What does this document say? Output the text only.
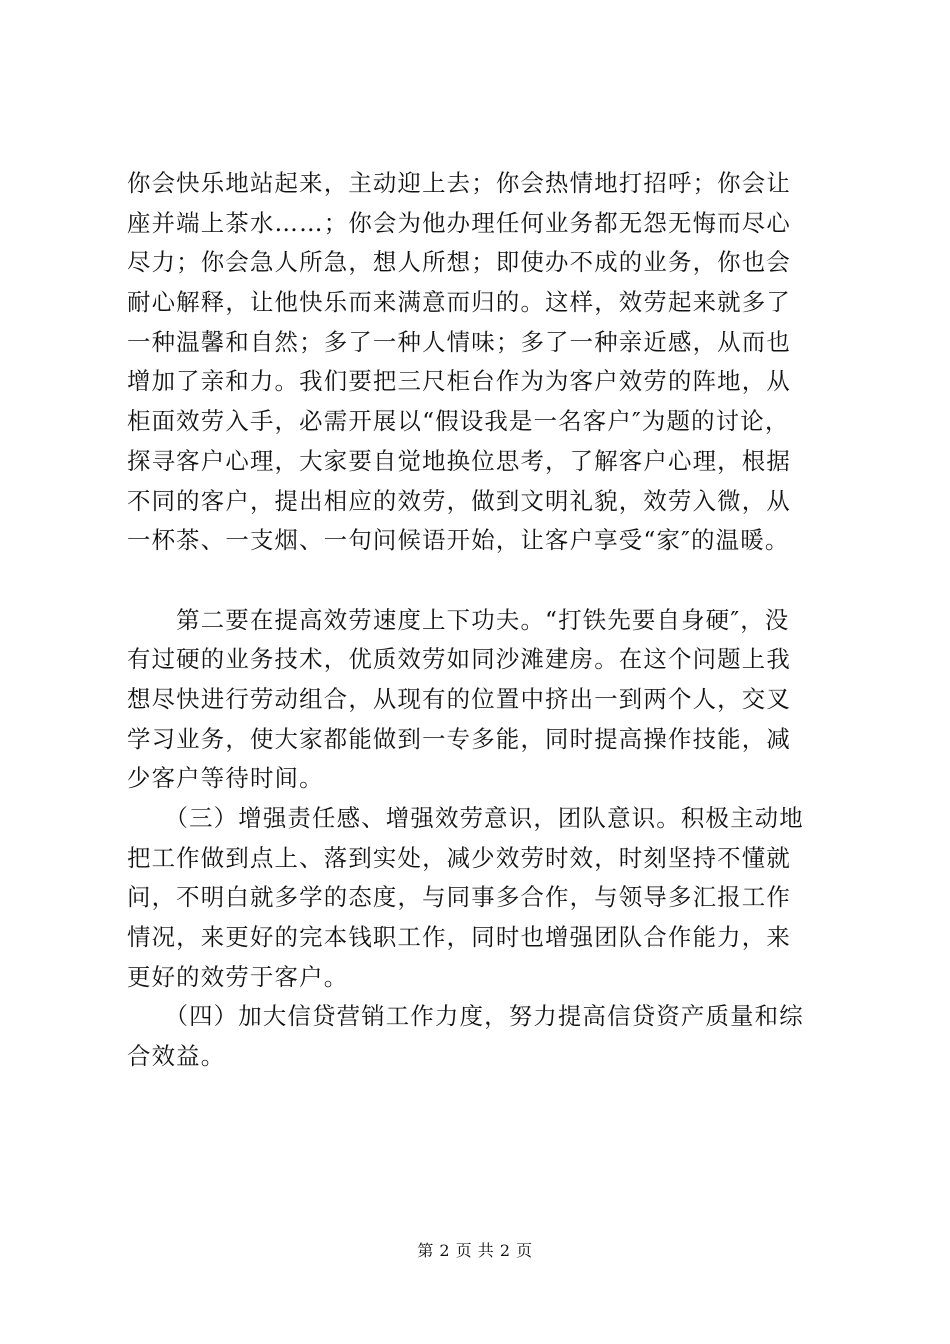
你会快乐地站起来，主动迎上去；你会热情地打招呼；你会让
座并端上茶水……；你会为他办理任何业务都无怨无悔而尽心
尽力；你会急人所急，想人所想；即使办不成的业务，你也会
耐心解释，让他快乐而来满意而归的。这样，效劳起来就多了
一种温馨和自然；多了一种人情味；多了一种亲近感，从而也
增加了亲和力。我们要把三尺柜台作为为客户效劳的阵地，从
柜面效劳入手，必需开展以“假设我是一名客户″为题的讨论，
探寻客户心理，大家要自觉地换位思考，了解客户心理，根据
不同的客户，提出相应的效劳，做到文明礼貌，效劳入微，从
一杯茶、一支烟、一句问候语开始，让客户享受“家″的温暖。
　　第二要在提高效劳速度上下功夫。“打铁先要自身硬″，没
有过硬的业务技术，优质效劳如同沙滩建房。在这个问题上我
想尽快进行劳动组合，从现有的位置中挤出一到两个人，交叉
学习业务，使大家都能做到一专多能，同时提高操作技能，减
少客户等待时间。
　　（三）增强责任感、增强效劳意识，团队意识。积极主动地
把工作做到点上、落到实处，减少效劳时效，时刻坚持不懂就
问，不明白就多学的态度，与同事多合作，与领导多汇报工作
情况，来更好的完本钱职工作，同时也增强团队合作能力，来
更好的效劳于客户。
　　（四）加大信贷营销工作力度，努力提高信贷资产质量和综
合效益。
第 2 页 共 2 页
